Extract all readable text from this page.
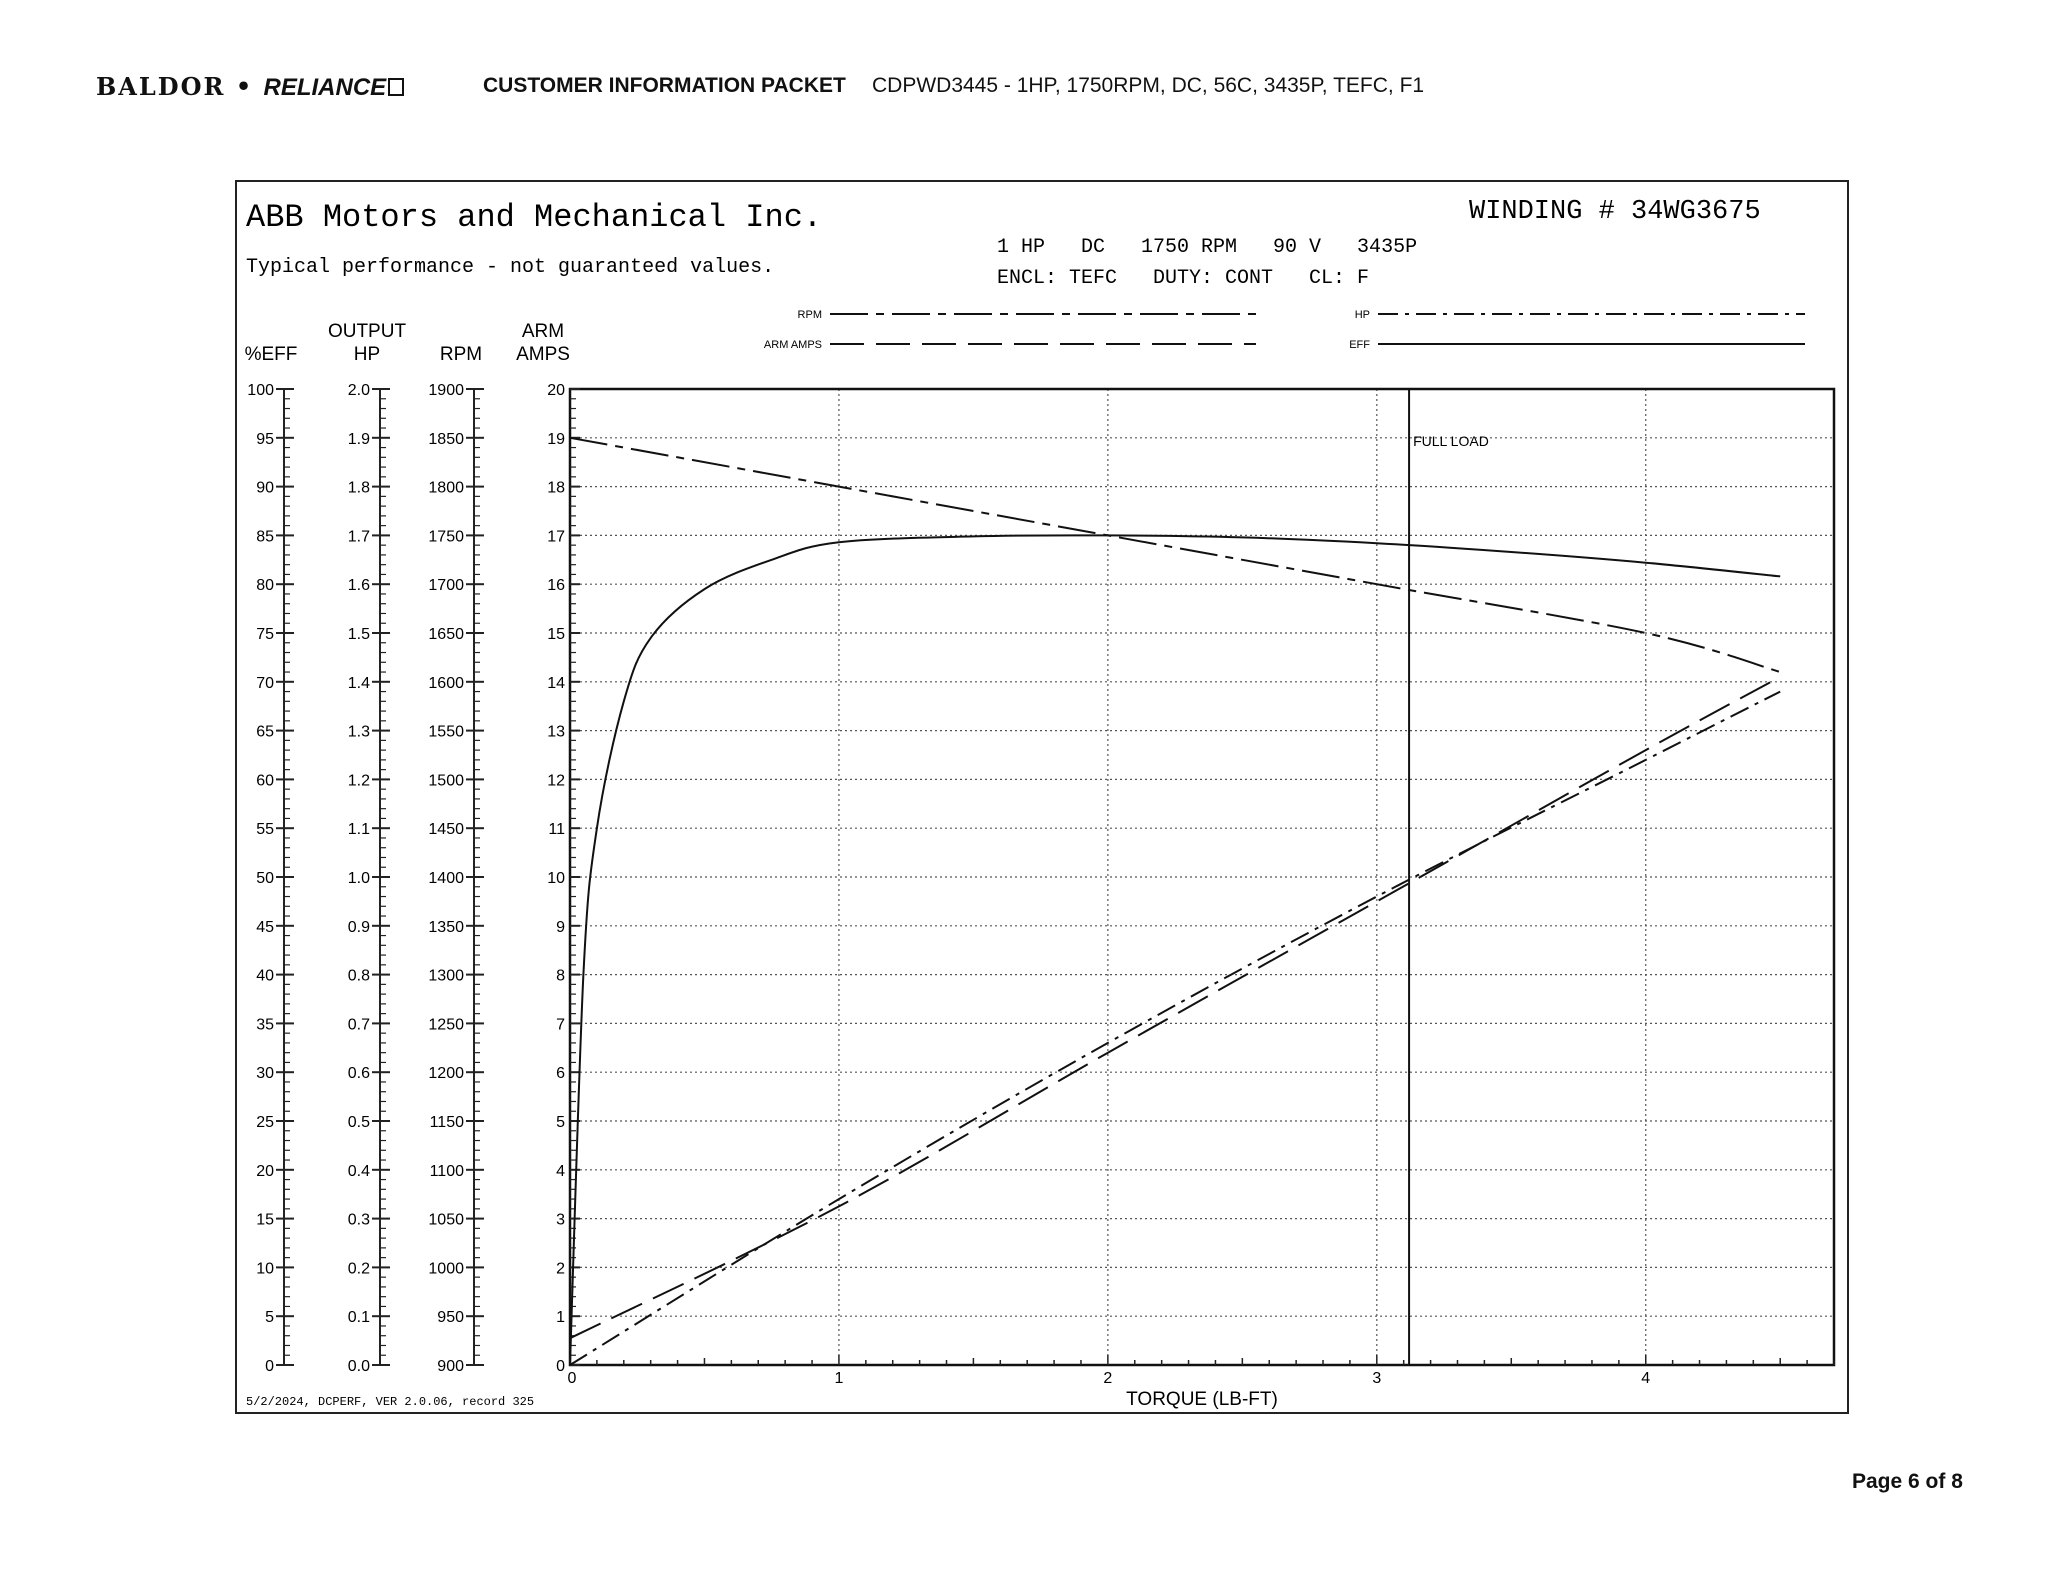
BALDOR • RELIANCE	CUSTOMER INFORMATION PACKET CDPWD3445 - 1HP, 1750RPM, DC, 56C, 3435P, TEFC, F1
ABB Motors and Mechanical Inc.
Typical performance - not guaranteed values.
WINDING # 34WG3675
1 HP   DC   1750 RPM   90 V   3435P
ENCL: TEFC   DUTY: CONT   CL: F
RPM
ARM AMPS
HP
EFF
%EFF
100
95
90
85
80
75
70
65
60
55
50
45
40
35
30
25
20
15
10
5
0
OUTPUT
HP
2.0
1.9
1.8
1.7
1.6
1.5
1.4
1.3
1.2
1.1
1.0
0.9
0.8
0.7
0.6
0.5
0.4
0.3
0.2
0.1
0.0
RPM
1900
1850
1800
1750
1700
1650
1600
1550
1500
1450
1400
1350
1300
1250
1200
1150
1100
1050
1000
950
900
ARM
AMPS
20
19
18
17
16
15
14
13
12
11
10
9
8
7
6
5
4
3
2
1
0
0	1	2	3	4
FULL LOAD
TORQUE (LB-FT)
5/2/2024, DCPERF, VER 2.0.06, record 325
Page 6 of 8
